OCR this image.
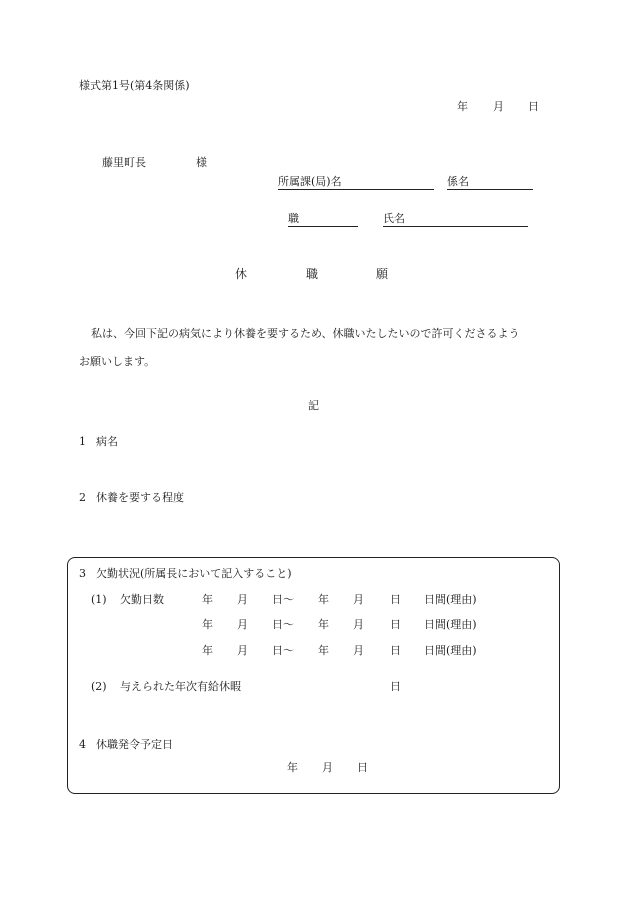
様式第1号(第4条関係)
年 月 日
藤里町長	様
所属課(局)名	係名
職	氏名
休	職	願
私は、今回下記の病気により休養を要するため、休職いたしたいので許可くださるよう
お願いします。
記
1 病名
2 休養を要する程度
3 欠勤状況(所属長において記入すること)
(1) 欠勤日数	年 月 日〜 年 月 日 日間(理由)
年 月 日〜 年 月 日 日間(理由)
年 月 日〜 年 月 日 日間(理由)
(2) 与えられた年次有給休暇	日
4 休職発令予定日
年 月 日
